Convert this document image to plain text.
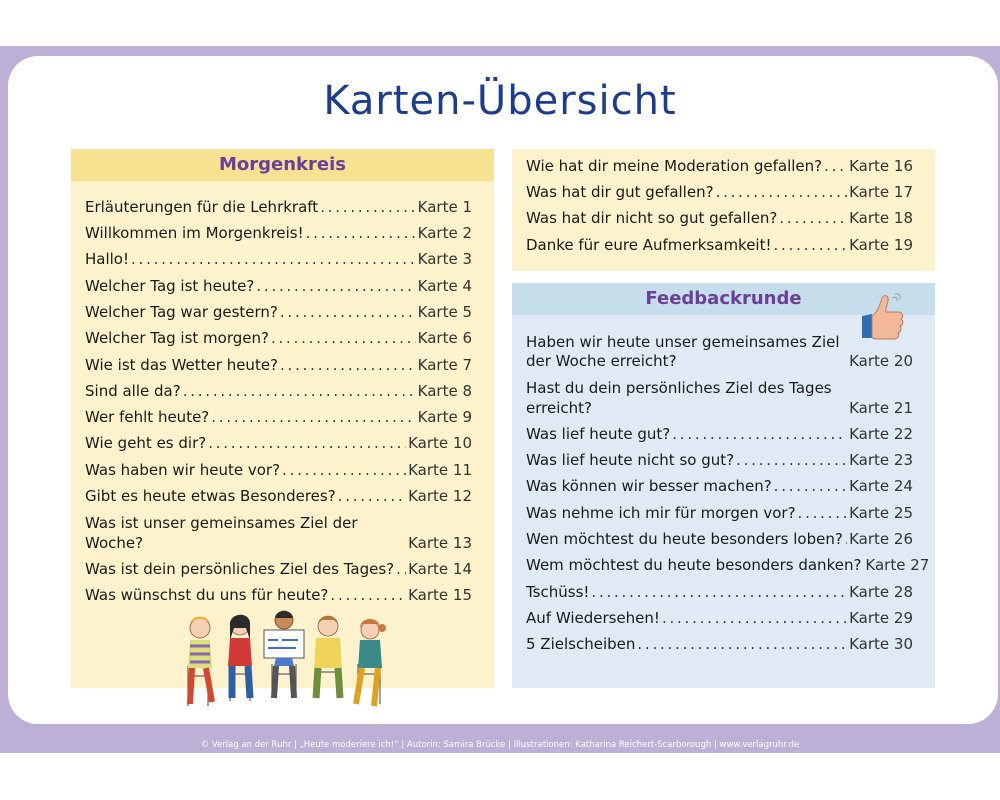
Karten-Übersicht
Morgenkreis
Erläuterungen für die Lehrkraft . . .	Karte 1
Willkommen im Morgenkreis! . . .	Karte 2
Hallo! . . .	Karte 3
Welcher Tag ist heute? . . .	Karte 4
Welcher Tag war gestern? . . .	Karte 5
Welcher Tag ist morgen? . . .	Karte 6
Wie ist das Wetter heute? . . .	Karte 7
Sind alle da? . . .	Karte 8
Wer fehlt heute? . . .	Karte 9
Wie geht es dir? . . .	Karte 10
Was haben wir heute vor? . . .	Karte 11
Gibt es heute etwas Besonderes? . . .	Karte 12
Was ist unser gemeinsames Ziel der Woche?	Karte 13
Was ist dein persönliches Ziel des Tages? . . . Karte 14
Was wünschst du uns für heute? . . .	Karte 15
Wie hat dir meine Moderation gefallen? . . . Karte 16
Was hat dir gut gefallen? . . .	Karte 17
Was hat dir nicht so gut gefallen? . . .	Karte 18
Danke für eure Aufmerksamkeit! . . .	Karte 19
Feedbackrunde
Haben wir heute unser gemeinsames Ziel der Woche erreicht?	Karte 20
Hast du dein persönliches Ziel des Tages erreicht?	Karte 21
Was lief heute gut? . . .	Karte 22
Was lief heute nicht so gut? . . .	Karte 23
Was können wir besser machen? . . .	Karte 24
Was nehme ich mir für morgen vor? . . .	Karte 25
Wen möchtest du heute besonders loben? . . . Karte 26
Wem möchtest du heute besonders danken? Karte 27
Tschüss! . . .	Karte 28
Auf Wiedersehen! . . .	Karte 29
5 Zielscheiben . . .	Karte 30
© Verlag an der Ruhr | „Heute moderiere ich!“ | Autorin: Samira Brücke | Illustrationen: Katharina Reichert-Scarborough | www.verlagruhr.de
